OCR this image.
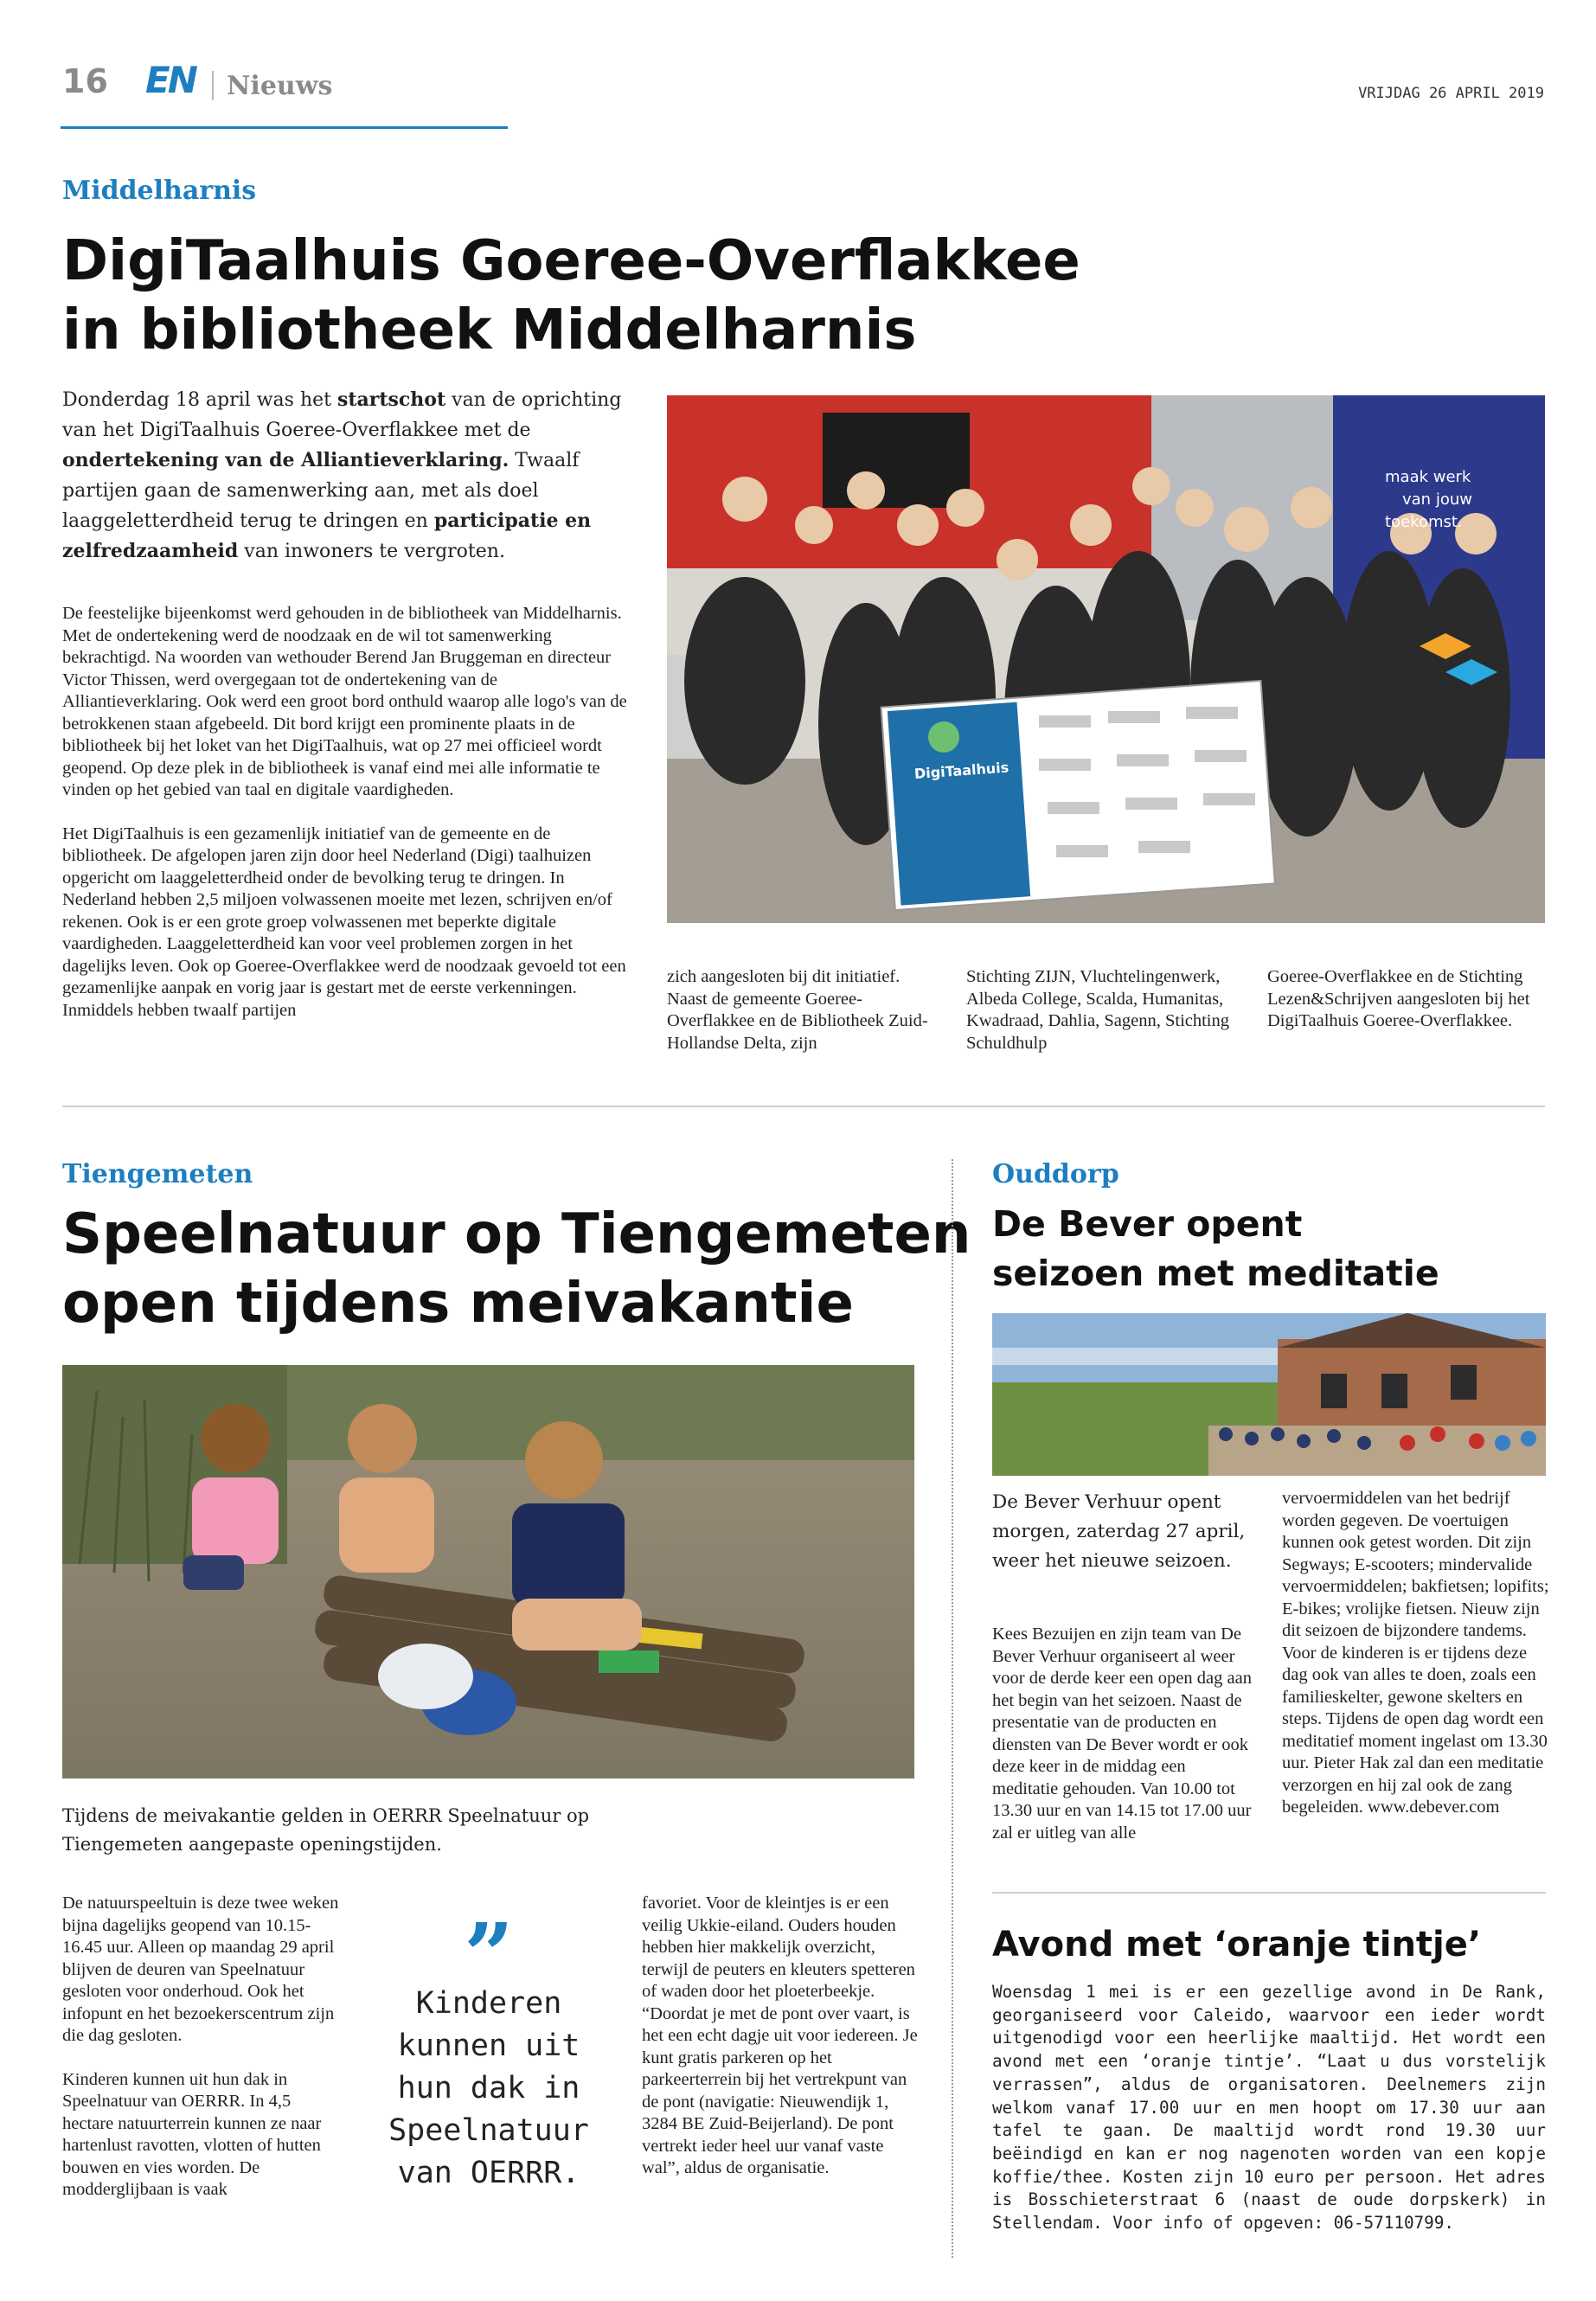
16 EN Nieuws	VRIJDAG 26 APRIL 2019
Middelharnis
DigiTaalhuis Goeree-Overflakkee
in bibliotheek Middelharnis
Donderdag 18 april was het startschot van de oprichting van het DigiTaalhuis Goeree-Overflakkee met de ondertekening van de Alliantieverklaring. Twaalf partijen gaan de samenwerking aan, met als doel laaggeletterdheid terug te dringen en participatie en zelfredzaamheid van inwoners te vergroten.

De feestelijke bijeenkomst werd gehouden in de bibliotheek van Middelharnis. Met de ondertekening werd de noodzaak en de wil tot samenwerking bekrachtigd. Na woorden van wethouder Berend Jan Bruggeman en directeur Victor Thissen, werd overgegaan tot de ondertekening van de Alliantieverklaring. Ook werd een groot bord onthuld waarop alle logo's van de betrokkenen staan afgebeeld. Dit bord krijgt een prominente plaats in de bibliotheek bij het loket van het DigiTaalhuis, wat op 27 mei officieel wordt geopend. Op deze plek in de bibliotheek is vanaf eind mei alle informatie te vinden op het gebied van taal en digitale vaardigheden.

Het DigiTaalhuis is een gezamenlijk initiatief van de gemeente en de bibliotheek. De afgelopen jaren zijn door heel Nederland (Digi) taalhuizen opgericht om laaggeletterdheid onder de bevolking terug te dringen. In Nederland hebben 2,5 miljoen volwassenen moeite met lezen, schrijven en/of rekenen. Ook is er een grote groep volwassenen met beperkte digitale vaardigheden. Laaggeletterdheid kan voor veel problemen zorgen in het dagelijks leven. Ook op Goeree-Overflakkee werd de noodzaak gevoeld tot een gezamenlijke aanpak en vorig jaar is gestart met de eerste verkenningen. Inmiddels hebben twaalf partijen

DigiTaalhuis
maak werk
van jouw
toekomst.
zich aangesloten bij dit initiatief. Naast de gemeente Goeree-Overflakkee en de Bibliotheek Zuid-Hollandse Delta, zijn
Stichting ZIJN, Vluchtelingenwerk, Albeda College, Scalda, Humanitas, Kwadraad, Dahlia, Sagenn, Stichting Schuldhulp
Goeree-Overflakkee en de Stichting Lezen&Schrijven aangesloten bij het DigiTaalhuis Goeree-Overflakkee.
Tiengemeten
Speelnatuur op Tiengemeten
open tijdens meivakantie
Tijdens de meivakantie gelden in OERRR Speelnatuur op Tiengemeten aangepaste openingstijden.

De natuurspeeltuin is deze twee weken bijna dagelijks geopend van 10.15-16.45 uur. Alleen op maandag 29 april blijven de deuren van Speelnatuur gesloten voor onderhoud. Ook het infopunt en het bezoekerscentrum zijn die dag gesloten.

Kinderen kunnen uit hun dak in Speelnatuur van OERRR. In 4,5 hectare natuurterrein kunnen ze naar hartenlust ravotten, vlotten of hutten bouwen en vies worden. De modderglijbaan is vaak

”
Kinderen kunnen uit hun dak in Speelnatuur van OERRR.
favoriet. Voor de kleintjes is er een veilig Ukkie-eiland. Ouders houden hebben hier makkelijk overzicht, terwijl de peuters en kleuters spetteren of waden door het ploeterbeekje. “Doordat je met de pont over vaart, is het een echt dagje uit voor iedereen. Je kunt gratis parkeren op het parkeerterrein bij het vertrekpunt van de pont (navigatie: Nieuwendijk 1, 3284 BE Zuid-Beijerland). De pont vertrekt ieder heel uur vanaf vaste wal”, aldus de organisatie.
Ouddorp
De Bever opent
seizoen met meditatie
De Bever Verhuur opent morgen, zaterdag 27 april, weer het nieuwe seizoen.
Kees Bezuijen en zijn team van De Bever Verhuur organiseert al weer voor de derde keer een open dag aan het begin van het seizoen. Naast de presentatie van de producten en diensten van De Bever wordt er ook deze keer in de middag een meditatie gehouden. Van 10.00 tot 13.30 uur en van 14.15 tot 17.00 uur zal er uitleg van alle
vervoermiddelen van het bedrijf worden gegeven. De voertuigen kunnen ook getest worden. Dit zijn Segways; E-scooters; mindervalide vervoermiddelen; bakfietsen; lopifits; E-bikes; vrolijke fietsen. Nieuw zijn dit seizoen de bijzondere tandems. Voor de kinderen is er tijdens deze dag ook van alles te doen, zoals een familieskelter, gewone skelters en steps. Tijdens de open dag wordt een meditatief moment ingelast om 13.30 uur. Pieter Hak zal dan een meditatie verzorgen en hij zal ook de zang begeleiden. www.debever.com
Avond met ‘oranje tintje’
Woensdag 1 mei is er een gezellige avond in De Rank, georganiseerd voor Caleido, waarvoor een ieder wordt uitgenodigd voor een heerlijke maaltijd. Het wordt een avond met een ‘oranje tintje’. “Laat u dus vorstelijk verrassen”, aldus de organisatoren. Deelnemers zijn welkom vanaf 17.00 uur en men hoopt om 17.30 uur aan tafel te gaan. De maaltijd wordt rond 19.30 uur beëindigd en kan er nog nagenoten worden van een kopje koffie/thee. Kosten zijn 10 euro per persoon. Het adres is Bosschieterstraat 6 (naast de oude dorpskerk) in Stellendam. Voor info of opgeven: 06-57110799.
